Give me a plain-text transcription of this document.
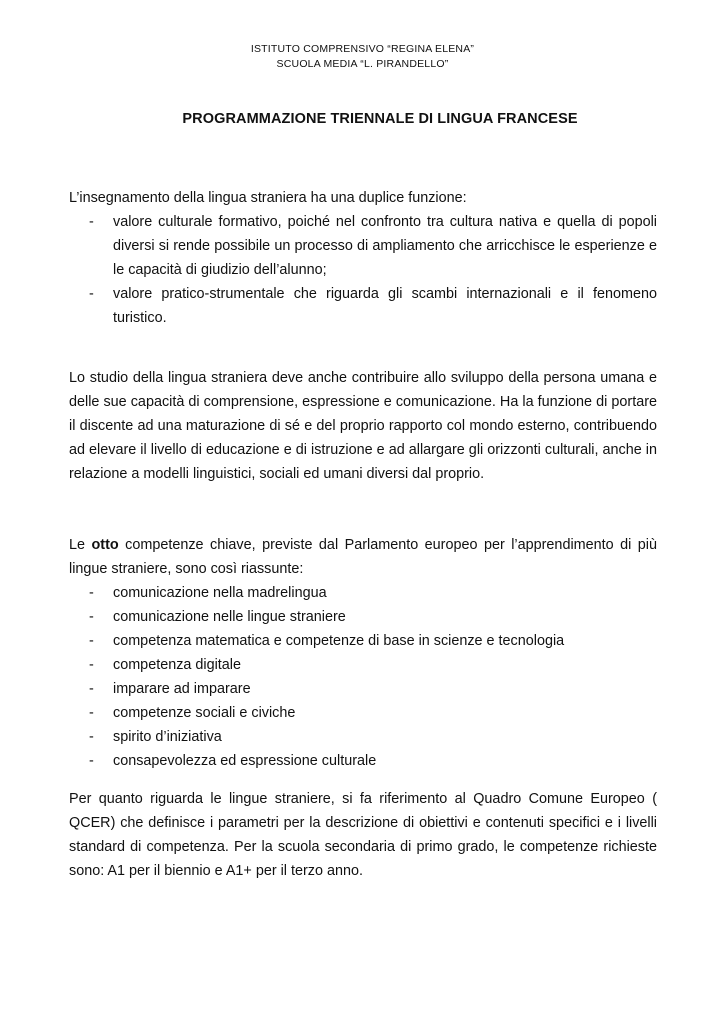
ISTITUTO COMPRENSIVO “REGINA ELENA”
SCUOLA MEDIA “L. PIRANDELLO”
PROGRAMMAZIONE TRIENNALE DI LINGUA FRANCESE

L’insegnamento della lingua straniera ha una duplice funzione:

- valore culturale formativo, poiché nel confronto tra cultura nativa e quella di popoli diversi si rende possibile un processo di ampliamento che arricchisce le esperienze e le capacità di giudizio dell’alunno;
- valore pratico-strumentale che riguarda gli scambi internazionali e il fenomeno turistico.

Lo studio della lingua straniera deve anche contribuire allo sviluppo della persona umana e delle sue capacità di comprensione, espressione e comunicazione. Ha la funzione di portare il discente ad una maturazione di sé e del proprio rapporto col mondo esterno, contribuendo ad elevare il livello di educazione e di istruzione e ad allargare gli orizzonti culturali, anche in relazione a modelli linguistici, sociali ed umani diversi dal proprio.

Le otto competenze chiave, previste dal Parlamento europeo per l’apprendimento di più lingue straniere, sono così riassunte:

- comunicazione nella madrelingua
- comunicazione nelle lingue straniere
- competenza matematica e competenze di base in scienze e tecnologia
- competenza digitale
- imparare ad imparare
- competenze sociali e civiche
- spirito d’iniziativa
- consapevolezza ed espressione culturale

Per quanto riguarda le lingue straniere, si fa riferimento al Quadro Comune Europeo ( QCER) che definisce i parametri per la descrizione di obiettivi e contenuti specifici e i livelli standard di competenza. Per la scuola secondaria di primo grado, le competenze richieste sono: A1 per il biennio e A1+ per il terzo anno.
